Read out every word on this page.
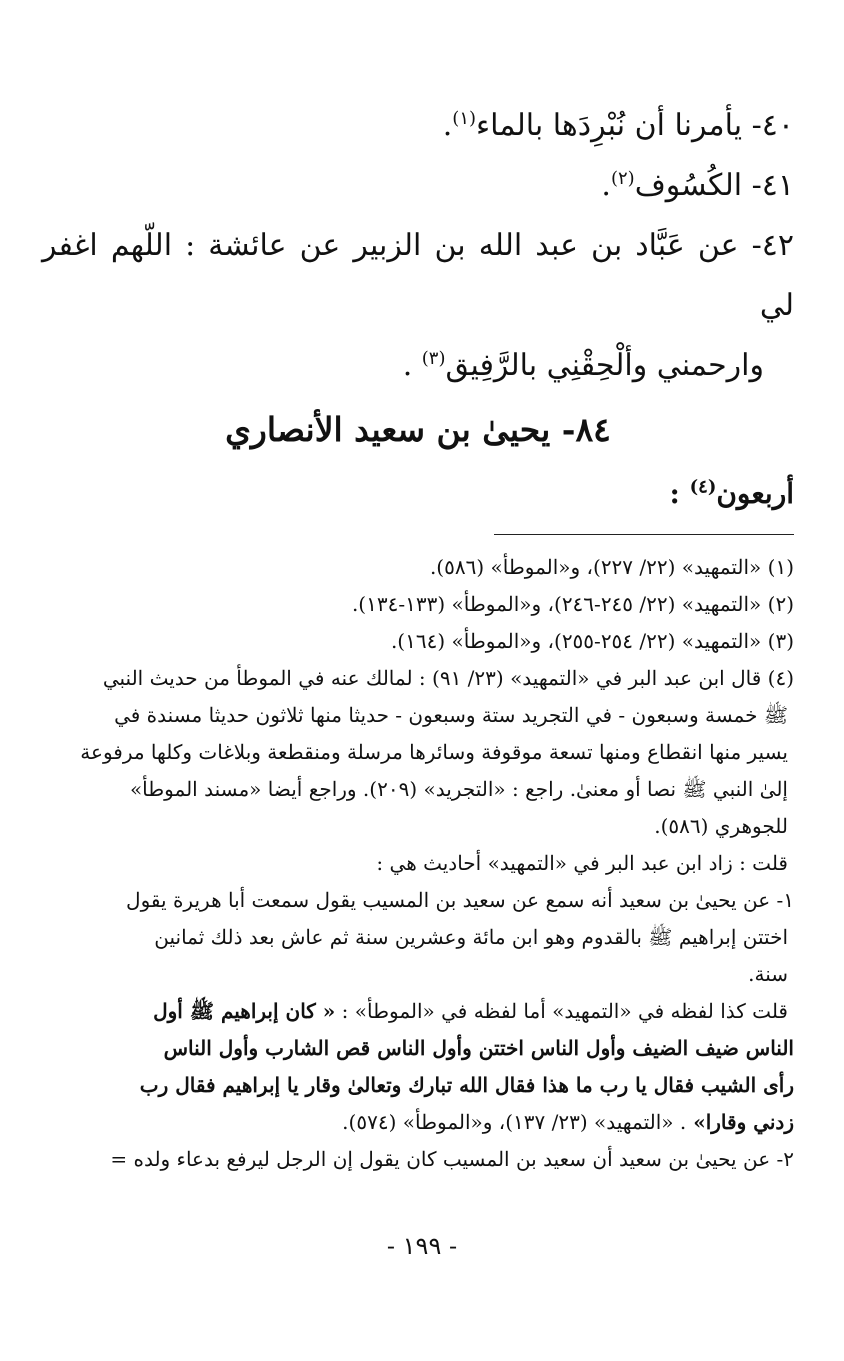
٤٠- يأمرنا أن نُبْرِدَها بالماء$^{(١)}$.
٤١- الكُسُوف$^{(٢)}$.
٤٢- عن عَبَّاد بن عبد الله بن الزبير عن عائشة : اللّهم اغفر لي
وارحمني وألْحِقْنِي بالرَّفِيق$^{(٣)}$ .
٨٤- يحيىٰ بن سعيد الأنصاري
أربعون$^{(٤)}$ :
(١) «التمهيد» (٢٢/ ٢٢٧)، و«الموطأ» (٥٨٦).
(٢) «التمهيد» (٢٢/ ٢٤٥-٢٤٦)، و«الموطأ» (١٣٣-١٣٤).
(٣) «التمهيد» (٢٢/ ٢٥٤-٢٥٥)، و«الموطأ» (١٦٤).
(٤) قال ابن عبد البر في «التمهيد» (٢٣/ ٩١) : لمالك عنه في الموطأ من حديث النبي
ﷺ خمسة وسبعون - في التجريد ستة وسبعون - حديثا منها ثلاثون حديثا مسندة في
يسير منها انقطاع ومنها تسعة موقوفة وسائرها مرسلة ومنقطعة وبلاغات وكلها مرفوعة
إلىٰ النبي ﷺ نصا أو معنىٰ. راجع : «التجريد» (٢٠٩). وراجع أيضا «مسند الموطأ»
للجوهري (٥٨٦).
قلت : زاد ابن عبد البر في «التمهيد» أحاديث هي :
١- عن يحيىٰ بن سعيد أنه سمع عن سعيد بن المسيب يقول سمعت أبا هريرة يقول
اختتن إبراهيم ﷺ بالقدوم وهو ابن مائة وعشرين سنة ثم عاش بعد ذلك ثمانين
سنة.
قلت كذا لفظه في «التمهيد» أما لفظه في «الموطأ» : « كان إبراهيم ﷺ أول
الناس ضيف الضيف وأول الناس اختتن وأول الناس قص الشارب وأول الناس
رأى الشيب فقال يا رب ما هذا فقال الله تبارك وتعالىٰ وقار يا إبراهيم فقال رب
زدني وقارا» . «التمهيد» (٢٣/ ١٣٧)، و«الموطأ» (٥٧٤).
٢- عن يحيىٰ بن سعيد أن سعيد بن المسيب كان يقول إن الرجل ليرفع بدعاء ولده =
- ١٩٩ -
